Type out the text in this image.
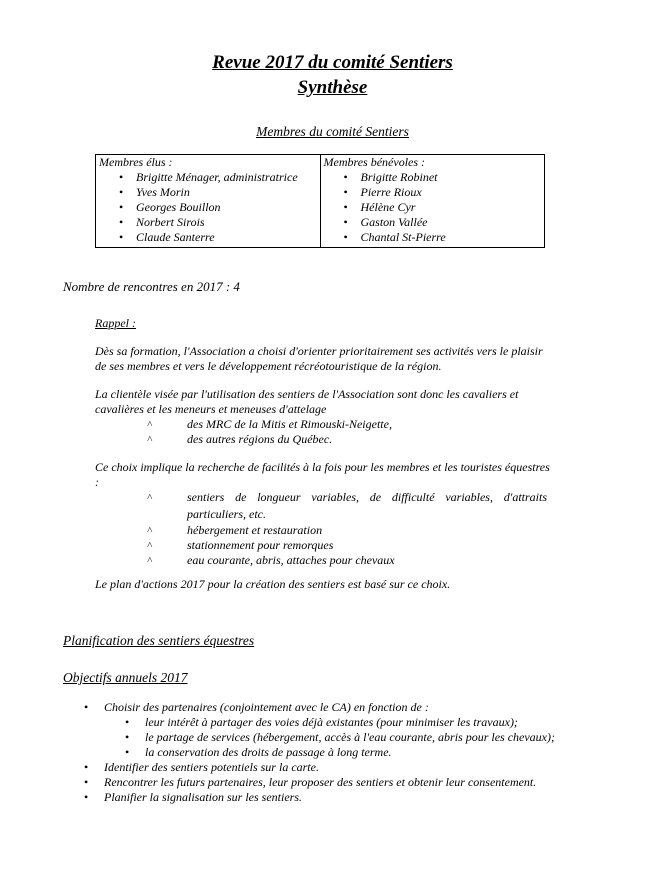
Revue 2017 du comité Sentiers
Synthèse
Membres du comité Sentiers
Membres élus :
• Brigitte Ménager, administratrice
• Yves Morin
• Georges Bouillon
• Norbert Sirois
• Claude Santerre

Membres bénévoles :
• Brigitte Robinet
• Pierre Rioux
• Hélène Cyr
• Gaston Vallée
• Chantal St-Pierre
Nombre de rencontres en 2017 : 4
Rappel :
Dès sa formation, l'Association a choisi d'orienter prioritairement ses activités vers le plaisir de ses membres et vers le développement récréotouristique de la région.
La clientèle visée par l'utilisation des sentiers de l'Association sont donc les cavaliers et cavalières et les meneurs et meneuses d'attelage
˄	des MRC de la Mitis et Rimouski-Neigette,
˄	des autres régions du Québec.
Ce choix implique la recherche de facilités à la fois pour les membres et les touristes équestres :
˄	sentiers de longueur variables, de difficulté variables, d'attraits particuliers, etc.
˄	hébergement et restauration
˄	stationnement pour remorques
˄	eau courante, abris, attaches pour chevaux
Le plan d'actions 2017 pour la création des sentiers est basé sur ce choix.
Planification des sentiers équestres
Objectifs annuels 2017
• Choisir des partenaires (conjointement avec le CA) en fonction de :
• leur intérêt à partager des voies déjà existantes (pour minimiser les travaux);
• le partage de services (hébergement, accès à l'eau courante, abris pour les chevaux);
• la conservation des droits de passage à long terme.
• Identifier des sentiers potentiels sur la carte.
• Rencontrer les futurs partenaires, leur proposer des sentiers et obtenir leur consentement.
• Planifier la signalisation sur les sentiers.
